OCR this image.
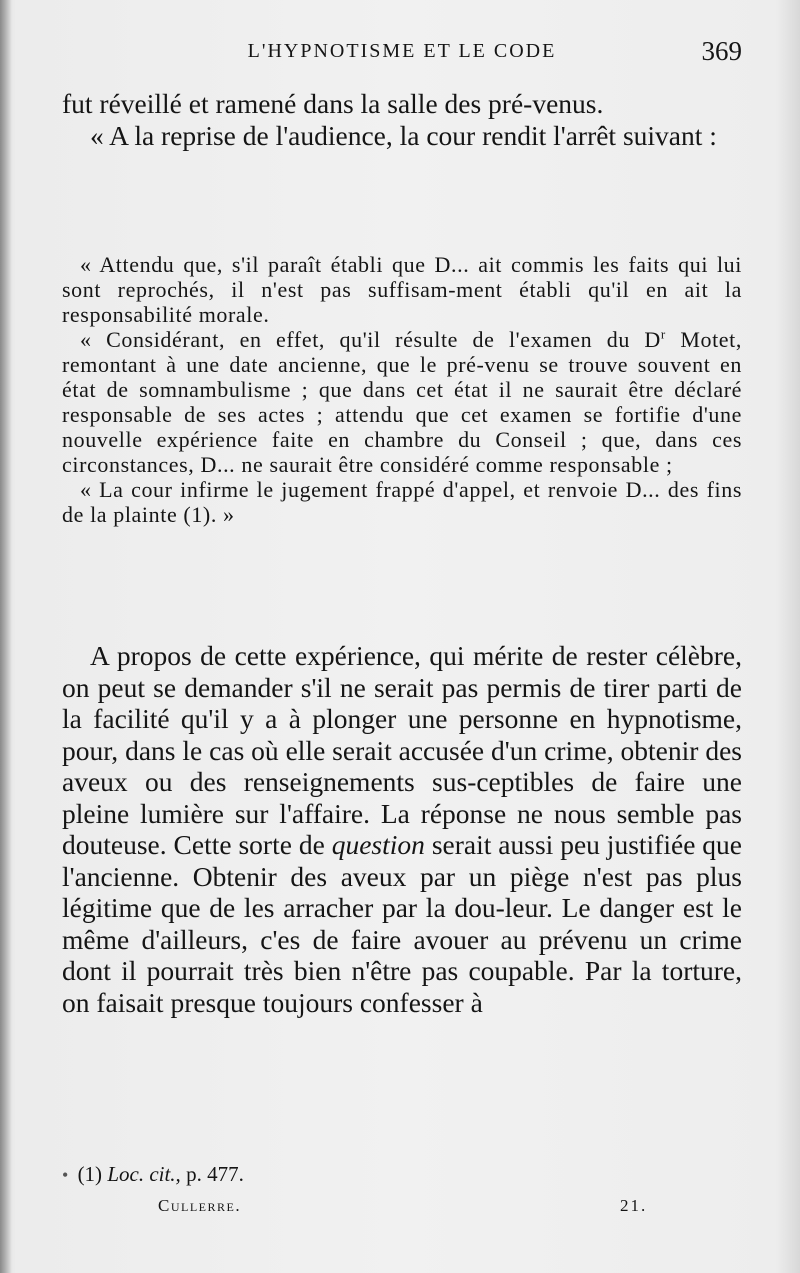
L'HYPNOTISME ET LE CODE	369

fut réveillé et ramené dans la salle des pré-venus.

« A la reprise de l'audience, la cour rendit l'arrêt suivant :

« Attendu que, s'il paraît établi que D... ait commis les faits qui lui sont reprochés, il n'est pas suffisam-ment établi qu'il en ait la responsabilité morale.

« Considérant, en effet, qu'il résulte de l'examen du $D^r$ Motet, remontant à une date ancienne, que le pré-venu se trouve souvent en état de somnambulisme ; que dans cet état il ne saurait être déclaré responsable de ses actes ; attendu que cet examen se fortifie d'une nouvelle expérience faite en chambre du Conseil ; que, dans ces circonstances, D... ne saurait être considéré comme responsable ;

« La cour infirme le jugement frappé d'appel, et renvoie D... des fins de la plainte (1). »

A propos de cette expérience, qui mérite de rester célèbre, on peut se demander s'il ne serait pas permis de tirer parti de la facilité qu'il y a à plonger une personne en hypnotisme, pour, dans le cas où elle serait accusée d'un crime, obtenir des aveux ou des renseignements sus-ceptibles de faire une pleine lumière sur l'affaire. La réponse ne nous semble pas douteuse. Cette sorte de question serait aussi peu justifiée que l'ancienne. Obtenir des aveux par un piège n'est pas plus légitime que de les arracher par la dou-leur. Le danger est le même d'ailleurs, c'es de faire avouer au prévenu un crime dont il pourrait très bien n'être pas coupable. Par la torture, on faisait presque toujours confesser à

• (1) Loc. cit., p. 477.
Cullerre.	21.
